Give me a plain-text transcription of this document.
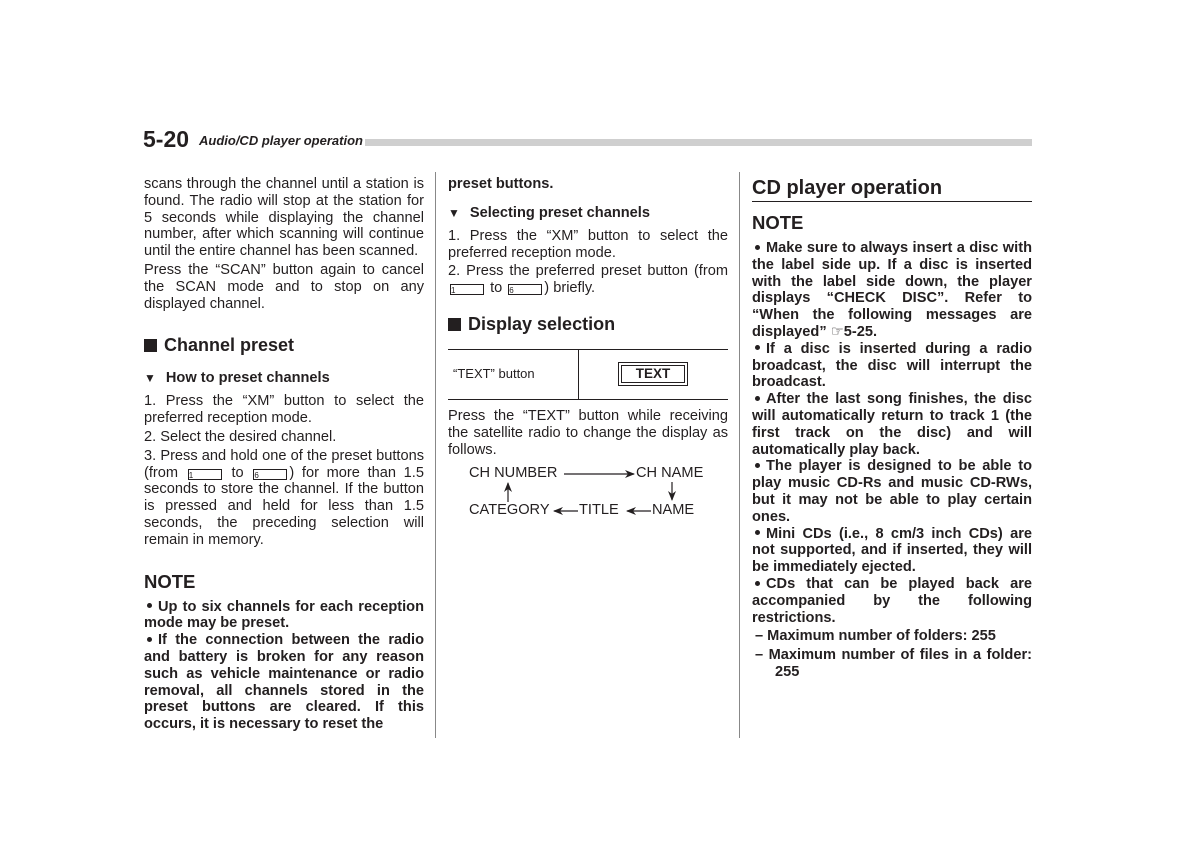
5-20 Audio/CD player operation

scans through the channel until a station is found. The radio will stop at the station for 5 seconds while displaying the channel number, after which scanning will continue until the entire channel has been scanned.

Press the “SCAN” button again to cancel the SCAN mode and to stop on any displayed channel.

Channel preset
▼ How to preset channels

1. Press the “XM” button to select the preferred reception mode.

2. Select the desired channel.

3. Press and hold one of the preset buttons (from 1	to 6 ) for more than 1.5 seconds to store the channel. If the button is pressed and held for less than 1.5 seconds, the preceding selection will remain in memory.

NOTE

Up to six channels for each reception mode may be preset.

If the connection between the radio and battery is broken for any reason such as vehicle maintenance or radio removal, all channels stored in the preset buttons are cleared. If this occurs, it is necessary to reset the

preset buttons.

▼ Selecting preset channels

1. Press the “XM” button to select the preferred reception mode.

2. Press the preferred preset button (from 1 to 6 ) briefly.

Display selection
“TEXT” button	TEXT

Press the “TEXT” button while receiving the satellite radio to change the display as follows.

CH NUMBER	CH NAME
CATEGORY TITLE NAME
CD player operation
NOTE

Make sure to always insert a disc with the label side up. If a disc is inserted with the label side down, the player displays “CHECK DISC”. Refer to “When the following messages are displayed” ☞5-25.

If a disc is inserted during a radio broadcast, the disc will interrupt the broadcast.

After the last song finishes, the disc will automatically return to track 1 (the first track on the disc) and will automatically play back.

The player is designed to be able to play music CD-Rs and music CD-RWs, but it may not be able to play certain ones.

Mini CDs (i.e., 8 cm/3 inch CDs) are not supported, and if inserted, they will be immediately ejected.

CDs that can be played back are accompanied by the following restrictions.

– Maximum number of folders: 255

– Maximum number of files in a folder: 255
